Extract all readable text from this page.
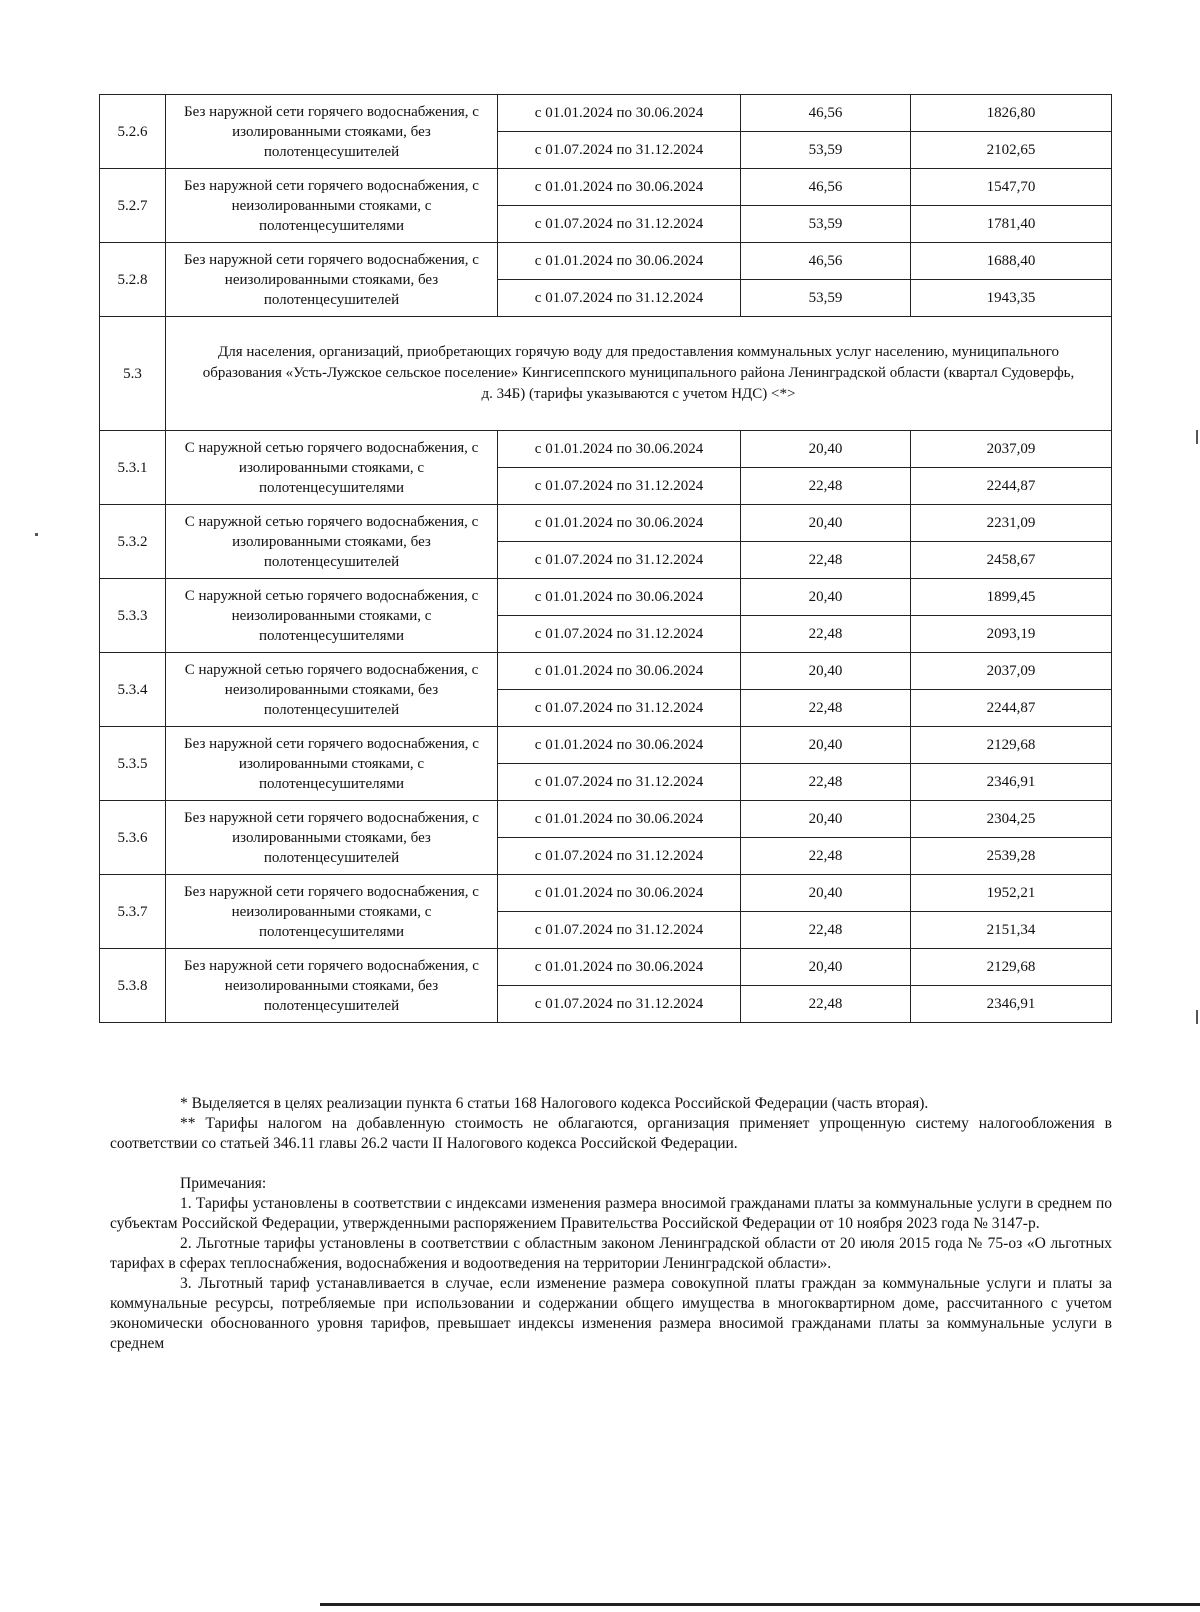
5.2.6	Без наружной сети горячего водоснабжения, с изолированными стояками, без полотенцесушителей	с 01.01.2024 по 30.06.2024	46,56	1826,80
		с 01.07.2024 по 31.12.2024	53,59	2102,65
5.2.7	Без наружной сети горячего водоснабжения, с неизолированными стояками, с полотенцесушителями	с 01.01.2024 по 30.06.2024	46,56	1547,70
		с 01.07.2024 по 31.12.2024	53,59	1781,40
5.2.8	Без наружной сети горячего водоснабжения, с неизолированными стояками, без полотенцесушителей	с 01.01.2024 по 30.06.2024	46,56	1688,40
		с 01.07.2024 по 31.12.2024	53,59	1943,35
5.3	Для населения, организаций, приобретающих горячую воду для предоставления коммунальных услуг населению, муниципального образования «Усть-Лужское сельское поселение» Кингисеппского муниципального района Ленинградской области (квартал Судоверфь, д. 34Б) (тарифы указываются с учетом НДС) <*>			
5.3.1	С наружной сетью горячего водоснабжения, с изолированными стояками, с полотенцесушителями	с 01.01.2024 по 30.06.2024	20,40	2037,09
		с 01.07.2024 по 31.12.2024	22,48	2244,87
5.3.2	С наружной сетью горячего водоснабжения, с изолированными стояками, без полотенцесушителей	с 01.01.2024 по 30.06.2024	20,40	2231,09
		с 01.07.2024 по 31.12.2024	22,48	2458,67
5.3.3	С наружной сетью горячего водоснабжения, с неизолированными стояками, с полотенцесушителями	с 01.01.2024 по 30.06.2024	20,40	1899,45
		с 01.07.2024 по 31.12.2024	22,48	2093,19
5.3.4	С наружной сетью горячего водоснабжения, с неизолированными стояками, без полотенцесушителей	с 01.01.2024 по 30.06.2024	20,40	2037,09
		с 01.07.2024 по 31.12.2024	22,48	2244,87
5.3.5	Без наружной сети горячего водоснабжения, с изолированными стояками, с полотенцесушителями	с 01.01.2024 по 30.06.2024	20,40	2129,68
		с 01.07.2024 по 31.12.2024	22,48	2346,91
5.3.6	Без наружной сети горячего водоснабжения, с изолированными стояками, без полотенцесушителей	с 01.01.2024 по 30.06.2024	20,40	2304,25
		с 01.07.2024 по 31.12.2024	22,48	2539,28
5.3.7	Без наружной сети горячего водоснабжения, с неизолированными стояками, с полотенцесушителями	с 01.01.2024 по 30.06.2024	20,40	1952,21
		с 01.07.2024 по 31.12.2024	22,48	2151,34
5.3.8	Без наружной сети горячего водоснабжения, с неизолированными стояками, без полотенцесушителей	с 01.01.2024 по 30.06.2024	20,40	2129,68
		с 01.07.2024 по 31.12.2024	22,48	2346,91

* Выделяется в целях реализации пункта 6 статьи 168 Налогового кодекса Российской Федерации (часть вторая).

** Тарифы налогом на добавленную стоимость не облагаются, организация применяет упрощенную систему налогообложения в соответствии со статьей 346.11 главы 26.2 части II Налогового кодекса Российской Федерации.

Примечания:

1. Тарифы установлены в соответствии с индексами изменения размера вносимой гражданами платы за коммунальные услуги в среднем по субъектам Российской Федерации, утвержденными распоряжением Правительства Российской Федерации от 10 ноября 2023 года № 3147-р.

2. Льготные тарифы установлены в соответствии с областным законом Ленинградской области от 20 июля 2015 года № 75-оз «О льготных тарифах в сферах теплоснабжения, водоснабжения и водоотведения на территории Ленинградской области».

3. Льготный тариф устанавливается в случае, если изменение размера совокупной платы граждан за коммунальные услуги и платы за коммунальные ресурсы, потребляемые при использовании и содержании общего имущества в многоквартирном доме, рассчитанного с учетом экономически обоснованного уровня тарифов, превышает индексы изменения размера вносимой гражданами платы за коммунальные услуги в среднем
